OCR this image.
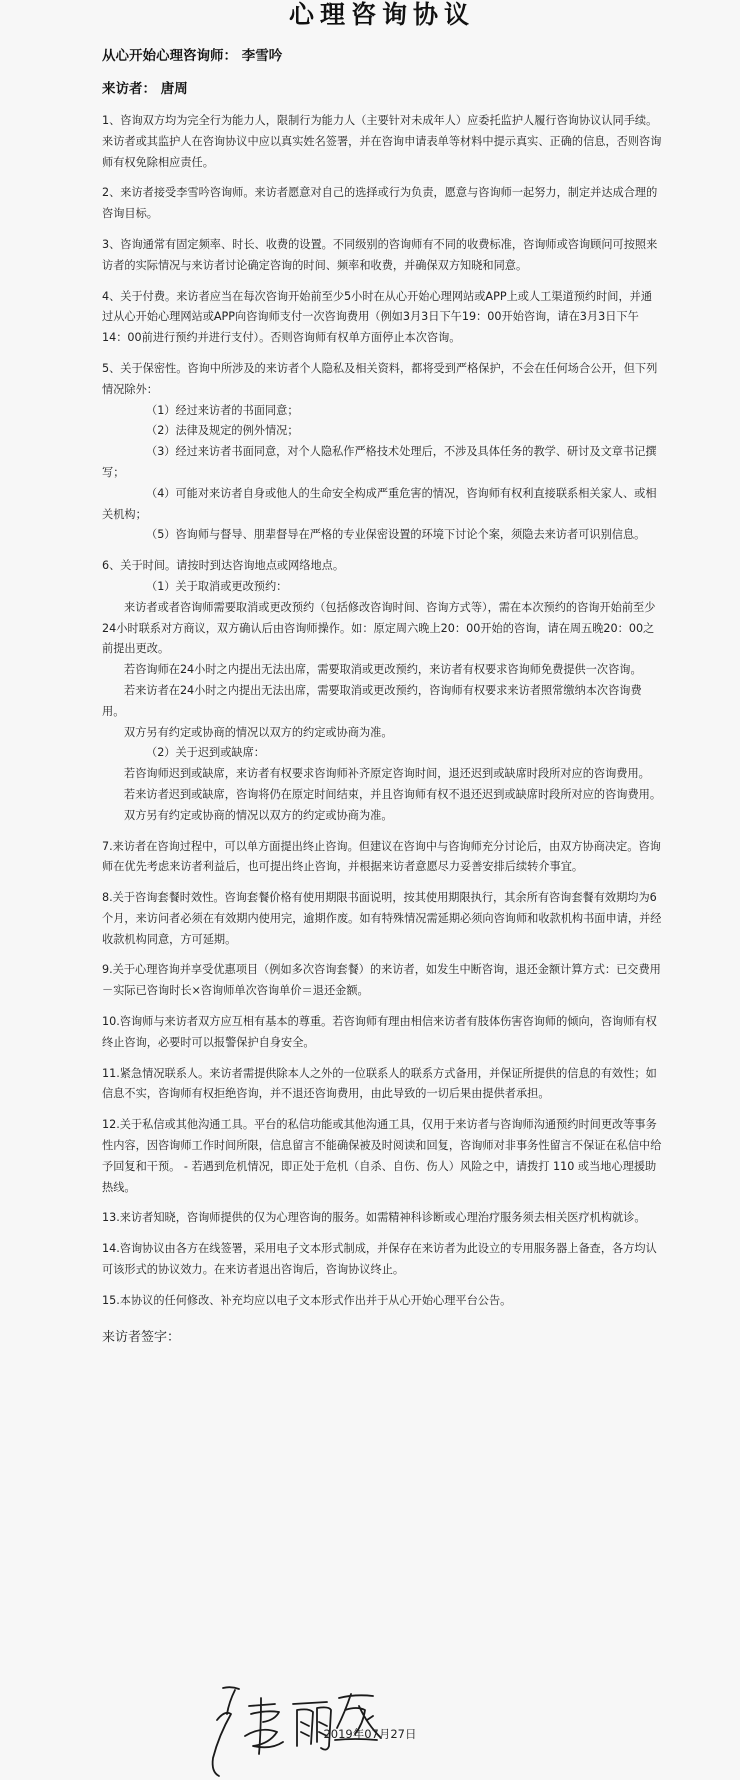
心理咨询协议

从心开始心理咨询师： 李雪吟

来访者： 唐周

1、咨询双方均为完全行为能力人，限制行为能力人（主要针对未成年人）应委托监护人履行咨询协议认同手续。来访者或其监护人在咨询协议中应以真实姓名签署，并在咨询申请表单等材料中提示真实、正确的信息，否则咨询师有权免除相应责任。

2、来访者接受李雪吟咨询师。来访者愿意对自己的选择或行为负责，愿意与咨询师一起努力，制定并达成合理的咨询目标。

3、咨询通常有固定频率、时长、收费的设置。不同级别的咨询师有不同的收费标准，咨询师或咨询顾问可按照来访者的实际情况与来访者讨论确定咨询的时间、频率和收费，并确保双方知晓和同意。

4、关于付费。来访者应当在每次咨询开始前至少5小时在从心开始心理网站或APP上或人工渠道预约时间，并通过从心开始心理网站或APP向咨询师支付一次咨询费用（例如3月3日下午19：00开始咨询，请在3月3日下午14：00前进行预约并进行支付）。否则咨询师有权单方面停止本次咨询。

5、关于保密性。咨询中所涉及的来访者个人隐私及相关资料，都将受到严格保护，不会在任何场合公开，但下列情况除外：

（1）经过来访者的书面同意；

（2）法律及规定的例外情况；

（3）经过来访者书面同意，对个人隐私作严格技术处理后，不涉及具体任务的教学、研讨及文章书记撰写；

（4）可能对来访者自身或他人的生命安全构成严重危害的情况，咨询师有权利直接联系相关家人、或相关机构；

（5）咨询师与督导、朋辈督导在严格的专业保密设置的环境下讨论个案，须隐去来访者可识别信息。

6、关于时间。请按时到达咨询地点或网络地点。

（1）关于取消或更改预约：

来访者或者咨询师需要取消或更改预约（包括修改咨询时间、咨询方式等），需在本次预约的咨询开始前至少24小时联系对方商议，双方确认后由咨询师操作。如：原定周六晚上20：00开始的咨询，请在周五晚20：00之前提出更改。

若咨询师在24小时之内提出无法出席，需要取消或更改预约，来访者有权要求咨询师免费提供一次咨询。

若来访者在24小时之内提出无法出席，需要取消或更改预约，咨询师有权要求来访者照常缴纳本次咨询费用。

双方另有约定或协商的情况以双方的约定或协商为准。

（2）关于迟到或缺席：

若咨询师迟到或缺席，来访者有权要求咨询师补齐原定咨询时间，退还迟到或缺席时段所对应的咨询费用。

若来访者迟到或缺席，咨询将仍在原定时间结束，并且咨询师有权不退还迟到或缺席时段所对应的咨询费用。

双方另有约定或协商的情况以双方的约定或协商为准。

7.来访者在咨询过程中，可以单方面提出终止咨询。但建议在咨询中与咨询师充分讨论后，由双方协商决定。咨询师在优先考虑来访者利益后，也可提出终止咨询，并根据来访者意愿尽力妥善安排后续转介事宜。

8.关于咨询套餐时效性。咨询套餐价格有使用期限书面说明，按其使用期限执行，其余所有咨询套餐有效期均为6个月，来访问者必须在有效期内使用完，逾期作废。如有特殊情况需延期必须向咨询师和收款机构书面申请，并经收款机构同意，方可延期。

9.关于心理咨询并享受优惠项目（例如多次咨询套餐）的来访者，如发生中断咨询，退还金额计算方式：已交费用－实际已咨询时长×咨询师单次咨询单价＝退还金额。

10.咨询师与来访者双方应互相有基本的尊重。若咨询师有理由相信来访者有肢体伤害咨询师的倾向，咨询师有权终止咨询，必要时可以报警保护自身安全。

11.紧急情况联系人。来访者需提供除本人之外的一位联系人的联系方式备用，并保证所提供的信息的有效性；如信息不实，咨询师有权拒绝咨询，并不退还咨询费用，由此导致的一切后果由提供者承担。

12.关于私信或其他沟通工具。平台的私信功能或其他沟通工具，仅用于来访者与咨询师沟通预约时间更改等事务性内容，因咨询师工作时间所限，信息留言不能确保被及时阅读和回复，咨询师对非事务性留言不保证在私信中给予回复和干预。 - 若遇到危机情况，即正处于危机（自杀、自伤、伤人）风险之中，请拨打 110 或当地心理援助热线。

13.来访者知晓，咨询师提供的仅为心理咨询的服务。如需精神科诊断或心理治疗服务须去相关医疗机构就诊。

14.咨询协议由各方在线签署，采用电子文本形式制成，并保存在来访者为此设立的专用服务器上备查，各方均认可该形式的协议效力。在来访者退出咨询后，咨询协议终止。

15.本协议的任何修改、补充均应以电子文本形式作出并于从心开始心理平台公告。

来访者签字：
2019年07月27日
